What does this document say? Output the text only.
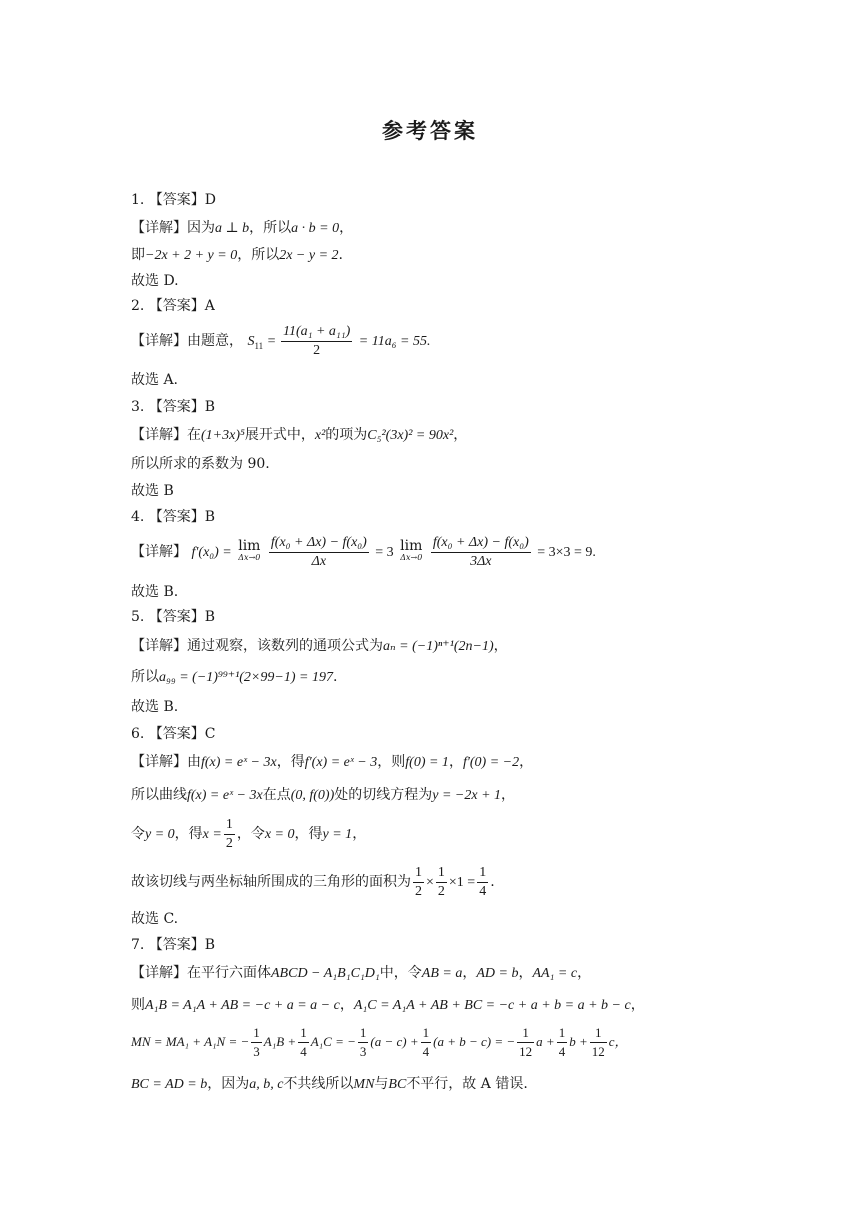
参考答案
1. 【答案】D
【详解】因为a ⊥ b，所以a · b = 0，
即−2x + 2 + y = 0，所以2x − y = 2.
故选 D.
2. 【答案】A
【详解】由题意， $S_{11} = \frac{\text{11(a₁ + a₁₁)}}{2} = 11a_6 = 55$.
故选 A.
3. 【答案】B
【详解】在(1+3x)⁵展开式中，x²的项为C₅²(3x)² = 90x²，
所以所求的系数为 90.
故选 B
4. 【答案】B
【详解】 f′(x₀) = lim
Δx→0
$\frac{\text{f(x₀ + Δx) − f(x₀)}}{\Delta x} = 3$ lim
Δx→0
$\frac{\text{f(x₀ + Δx) − f(x₀)}}{3\Delta x} = 3\times 3 = 9$.
故选 B.
5. 【答案】B
【详解】通过观察，该数列的通项公式为aₙ = (−1)ⁿ⁺¹(2n−1)，
所以a₉₉ = (−1)⁹⁹⁺¹(2×99−1) = 197.
故选 B.
6. 【答案】C
【详解】由f(x) = eˣ − 3x，得f′(x) = eˣ − 3，则f(0) = 1，f′(0) = −2，
所以曲线f(x) = eˣ − 3x在点(0, f(0))处的切线方程为y = −2x + 1，
令y = 0，得$x = \frac{1}{2}$ ，令x = 0，得y = 1，
故该切线与两坐标轴所围成的三角形的面积为 $\frac{1}{2} \times \frac{1}{2} \times 1 = \frac{1}{4}$ .
故选 C.
7. 【答案】B
【详解】在平行六面体ABCD − A₁B₁C₁D₁中，令AB = a，AD = b，AA₁ = c，
则A₁B = A₁A + AB = −c + a = a − c，A₁C = A₁A + AB + BC = −c + a + b = a + b − c，
MN = MA₁ + A₁N = − $\frac{1}{3} A_1B + \frac{1}{4} A_1C$ = − $\frac{1}{3} (a - c) + \frac{1}{4} (a + b - c)$ = − $\frac{1}{12}$ $a + \frac{1}{4}$ $b + \frac{1}{12}$ c，
BC = AD = b，因为a, b, c不共线所以MN与BC不平行，故 A 错误.
